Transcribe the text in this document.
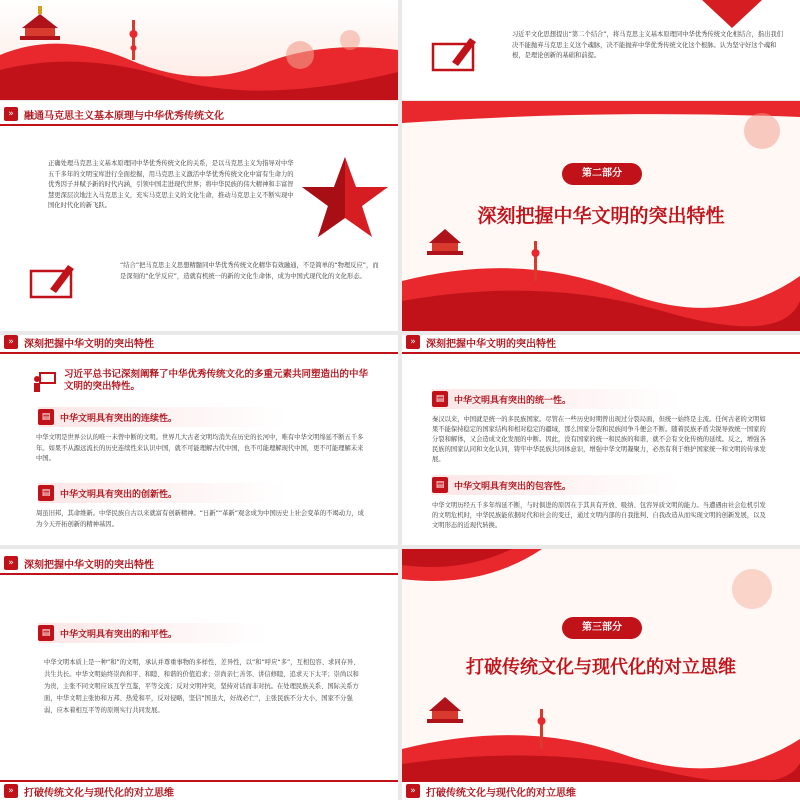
»	融通马克思主义基本原理与中华优秀传统文化
正确处理马克思主义基本原理同中华优秀传统文化的关系，是以马克思主义为指导对中华五千多年的文明宝库进行全面挖掘，用马克思主义激活中华优秀传统文化中富有生命力的优秀因子并赋予新的时代内涵，引领中国走进现代世界；将中华民族的伟大精神和丰富智慧更深层次地注入马克思主义，充实马克思主义的文化生命，推动马克思主义不断实现中国化时代化的新飞跃。
“结合”把马克思主义思想精髓同中华优秀传统文化精华有效融通，不是简单的“物理反应”，而是深刻的“化学反应”，造就有机统一的新的文化生命体，成为中国式现代化的文化形态。
习近平文化思想提出“第二个结合”，将马克思主义基本原理同中华优秀传统文化相结合，指出我们决不能抛弃马克思主义这个魂脉，决不能抛弃中华优秀传统文化这个根脉。认为坚守好这个魂和根，是理论创新的基础和前提。
第二部分
深刻把握中华文明的突出特性
»	深刻把握中华文明的突出特性
习近平总书记深刻阐释了中华优秀传统文化的多重元素共同塑造出的中华文明的突出特性。
▤	中华文明具有突出的连续性。
中华文明是世界公认的唯一未曾中断的文明。世界几大古老文明均消失在历史的长河中，唯有中华文明绵延不断五千多年。如果不从源远流长的历史连续性来认识中国，就不可能理解古代中国，也不可能理解现代中国，更不可能理解未来中国。
▤	中华文明具有突出的创新性。
周虽旧邦，其命维新。中华民族自古以来就富有创新精神。“日新”“革新”观念成为中国历史上社会变革的不竭动力，成为今天开拓创新的精神基因。
»	深刻把握中华文明的突出特性
▤	中华文明具有突出的统一性。
秦汉以来，中国就是统一的多民族国家。尽管在一些历史时期曾出现过分裂局面，但统一始终是主流。任何古老的文明如果不能保持稳定的国家结构和相对稳定的疆域，那么国家分裂和民族间争斗便会不断。随着民族矛盾尖锐导致统一国家的分裂和解体，又会造成文化发展的中断。因此，没有国家的统一和民族的和谐，就不会有文化传统的延续。反之，增强各民族的国家认同和文化认同，铸牢中华民族共同体意识，增强中华文明凝聚力，必然有利于维护国家统一和文明的传承发展。
▤	中华文明具有突出的包容性。
中华文明历经五千多年绵延不断，与时俱进的原因在于其具有开放、吸纳、包容异质文明的能力。当遭遇由社会危机引发的文明危机时，中华民族能依据时代和社会的变迁，通过文明内部的自我批判、自我改造从而实现文明的创新发展，以及文明形态的近现代转换。
»	深刻把握中华文明的突出特性
▤	中华文明具有突出的和平性。
中华文明本质上是一种“和”的文明，承认并尊重事物的多样性、差异性，以“和”呼应“多”，互相包容、求同存异、共生共长。中华文明始终崇尚和平、和睦、和谐的价值追求；崇尚亲仁善邻、讲信修睦，追求天下太平；崇尚以和为贵，主张不同文明应该互学互鉴，平等交流；反对文明冲突，坚持对话而非对抗。在处理民族关系、国际关系方面，中华文明主张协和万邦、热爱和平，反对侵略，坚信“国虽大，好战必亡”，主张民族不分大小，国家不分强弱，应本着相互平等的原则实行共同发展。
»	打破传统文化与现代化的对立思维
第三部分
打破传统文化与现代化的对立思维
»	打破传统文化与现代化的对立思维
